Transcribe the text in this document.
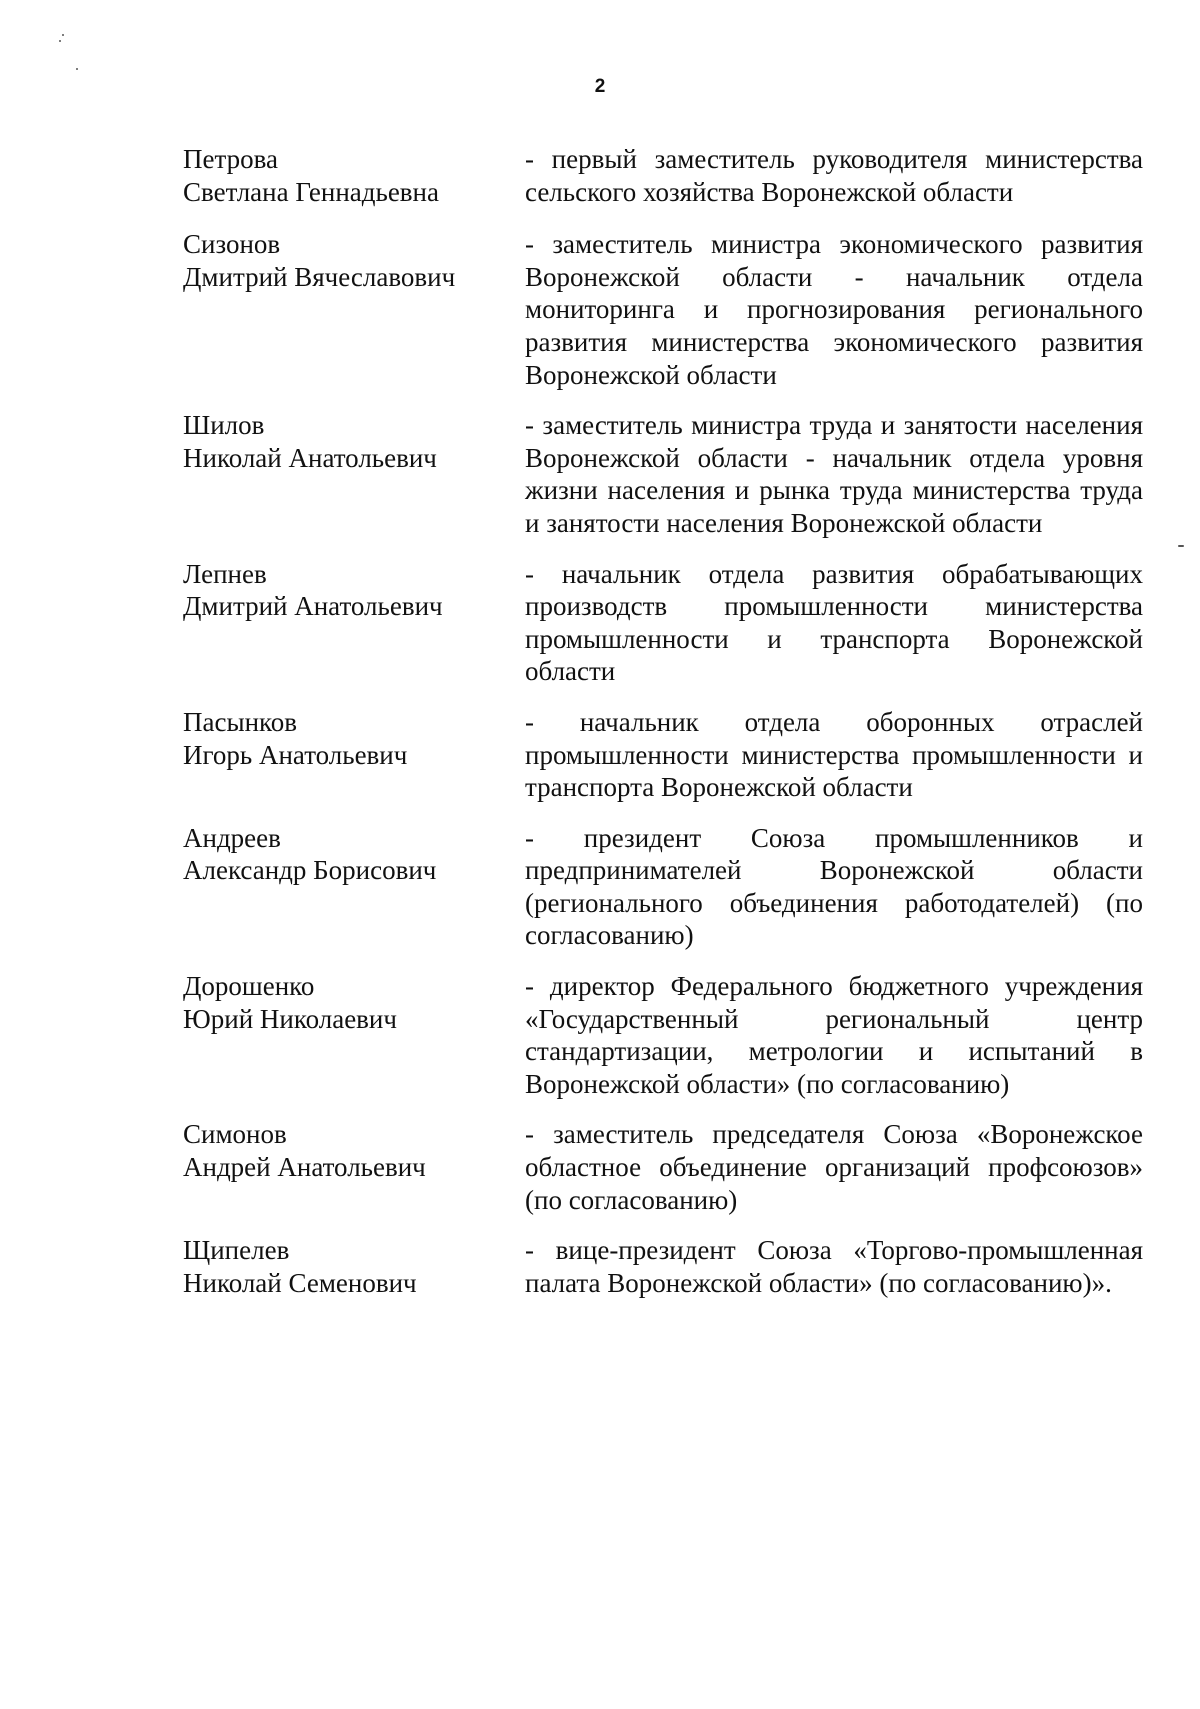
2
Петрова
Светлана Геннадьевна
- первый заместитель руководителя министерства сельского хозяйства Воронежской области
Сизонов
Дмитрий Вячеславович
- заместитель министра экономического развития Воронежской области - начальник отдела мониторинга и прогнозирования регионального развития министерства экономического развития Воронежской области
Шилов
Николай Анатольевич
- заместитель министра труда и занятости населения Воронежской области - начальник отдела уровня жизни населения и рынка труда министерства труда и занятости населения Воронежской области
Лепнев
Дмитрий Анатольевич
- начальник отдела развития обрабатывающих производств промышленности министерства промышленности и транспорта Воронежской области
Пасынков
Игорь Анатольевич
- начальник отдела оборонных отраслей промышленности министерства промышленности и транспорта Воронежской области
Андреев
Александр Борисович
- президент Союза промышленников и предпринимателей Воронежской области (регионального объединения работодателей) (по согласованию)
Дорошенко
Юрий Николаевич
- директор Федерального бюджетного учреждения «Государственный региональный центр стандартизации, метрологии и испытаний в Воронежской области» (по согласованию)
Симонов
Андрей Анатольевич
- заместитель председателя Союза «Воронежское областное объединение организаций профсоюзов» (по согласованию)
Щипелев
Николай Семенович
- вице-президент Союза «Торгово-промышленная палата Воронежской области» (по согласованию)».
